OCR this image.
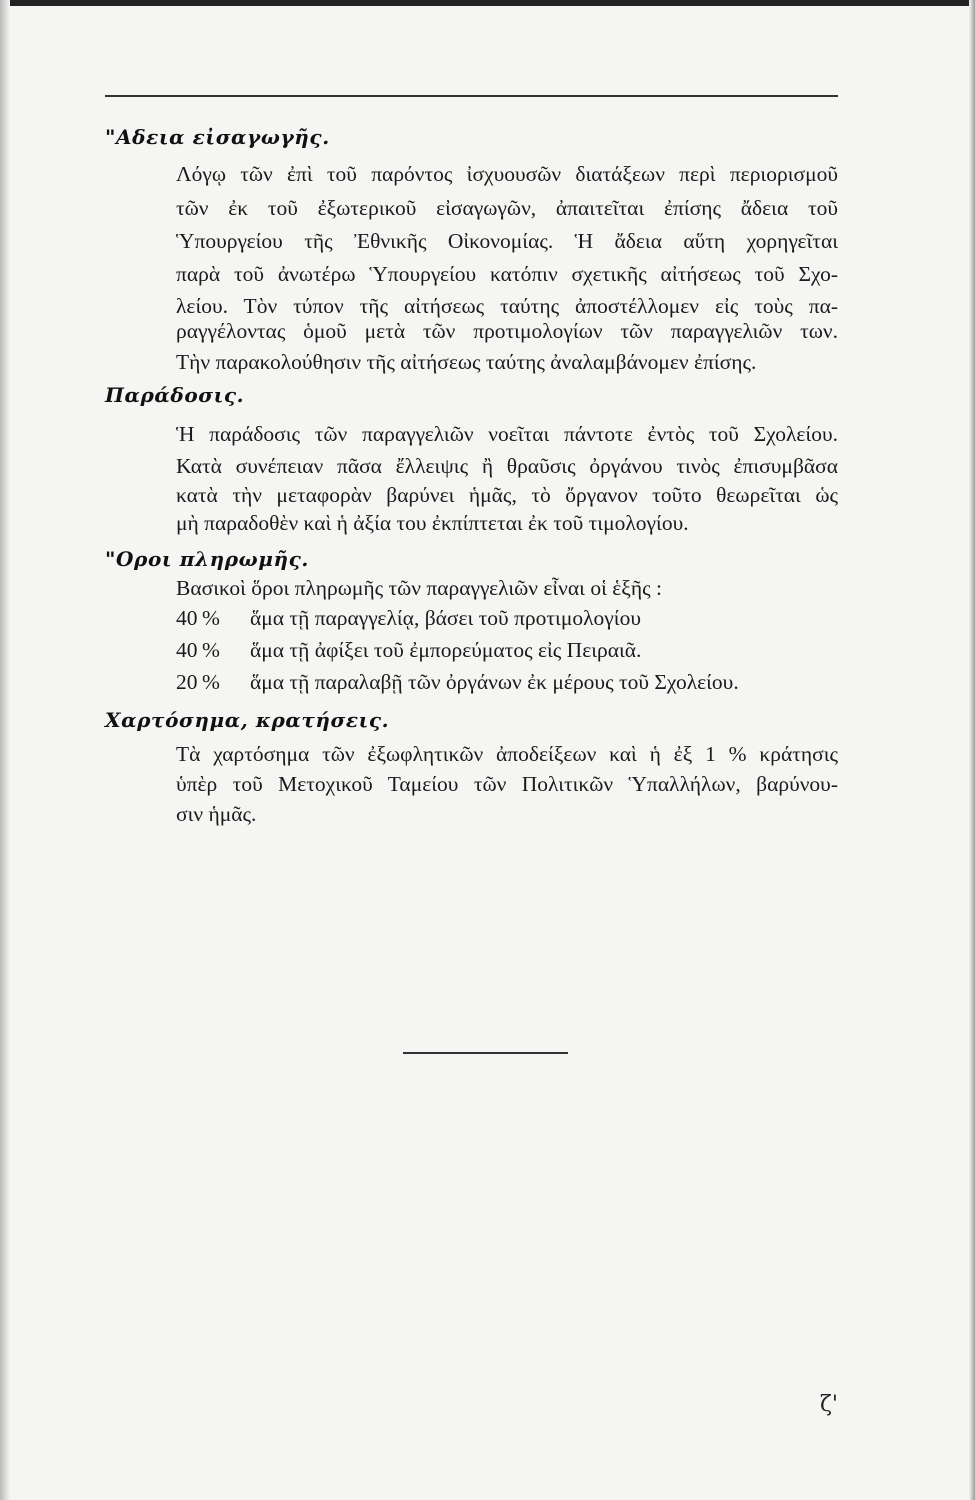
"Αδεια εἰσαγωγῆς.
Λόγῳ τῶν ἐπὶ τοῦ παρόντος ἰσχυουσῶν διατάξεων περὶ περιορισμοῦ
τῶν ἐκ τοῦ ἐξωτερικοῦ εἰσαγωγῶν, ἀπαιτεῖται ἐπίσης ἄδεια τοῦ
Ὑπουργείου τῆς Ἐθνικῆς Οἰκονομίας. Ἡ ἄδεια αὕτη χορηγεῖται
παρὰ τοῦ ἀνωτέρω Ὑπουργείου κατόπιν σχετικῆς αἰτήσεως τοῦ Σχο-
λείου. Τὸν τύπον τῆς αἰτήσεως ταύτης ἀποστέλλομεν εἰς τοὺς πα-
ραγγέλοντας ὁμοῦ μετὰ τῶν προτιμολογίων τῶν παραγγελιῶν των.
Τὴν παρακολούθησιν τῆς αἰτήσεως ταύτης ἀναλαμβάνομεν ἐπίσης.
Παράδοσις.
Ἡ παράδοσις τῶν παραγγελιῶν νοεῖται πάντοτε ἐντὸς τοῦ Σχολείου.
Κατὰ συνέπειαν πᾶσα ἔλλειψις ἢ θραῦσις ὀργάνου τινὸς ἐπισυμβᾶσα
κατὰ τὴν μεταφορὰν βαρύνει ἡμᾶς, τὸ ὄργανον τοῦτο θεωρεῖται ὡς
μὴ παραδοθὲν καὶ ἡ ἀξία του ἐκπίπτεται ἐκ τοῦ τιμολογίου.
"Ορoι πληρωμῆς.
Βασικοὶ ὅροι πληρωμῆς τῶν παραγγελιῶν εἶναι οἱ ἑξῆς :
40 %	ἅμα τῇ παραγγελίᾳ, βάσει τοῦ προτιμολογίου
40 %	ἅμα τῇ ἀφίξει τοῦ ἐμπορεύματος εἰς Πειραιᾶ.
20 %	ἅμα τῇ παραλαβῇ τῶν ὀργάνων ἐκ μέρους τοῦ Σχολείου.
Χαρτόσημα, κρατήσεις.
Τὰ χαρτόσημα τῶν ἐξωφλητικῶν ἀποδείξεων καὶ ἡ ἐξ 1 % κράτησις
ὑπὲρ τοῦ Μετοχικοῦ Ταμείου τῶν Πολιτικῶν Ὑπαλλήλων, βαρύνου-
σιν ἡμᾶς.
ζ'
